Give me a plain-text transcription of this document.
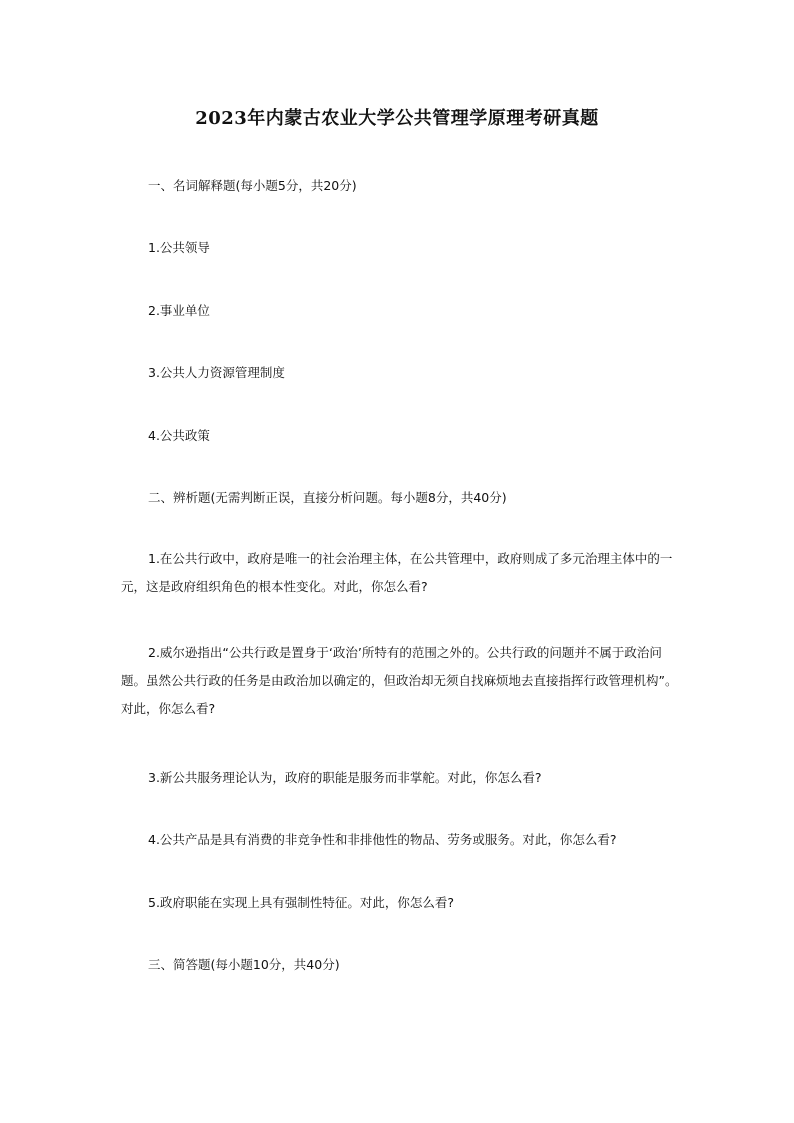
2023年内蒙古农业大学公共管理学原理考研真题
一、名词解释题(每小题5分，共20分)
1.公共领导
2.事业单位
3.公共人力资源管理制度
4.公共政策
二、辨析题(无需判断正误，直接分析问题。每小题8分，共40分)
1.在公共行政中，政府是唯一的社会治理主体，在公共管理中，政府则成了多元治理主体中的一元，这是政府组织角色的根本性变化。对此，你怎么看?
2.威尔逊指出“公共行政是置身于‘政治’所特有的范围之外的。公共行政的问题并不属于政治问题。虽然公共行政的任务是由政治加以确定的，但政治却无须自找麻烦地去直接指挥行政管理机构”。对此，你怎么看?
3.新公共服务理论认为，政府的职能是服务而非掌舵。对此，你怎么看?
4.公共产品是具有消费的非竞争性和非排他性的物品、劳务或服务。对此，你怎么看?
5.政府职能在实现上具有强制性特征。对此，你怎么看?
三、简答题(每小题10分，共40分)
